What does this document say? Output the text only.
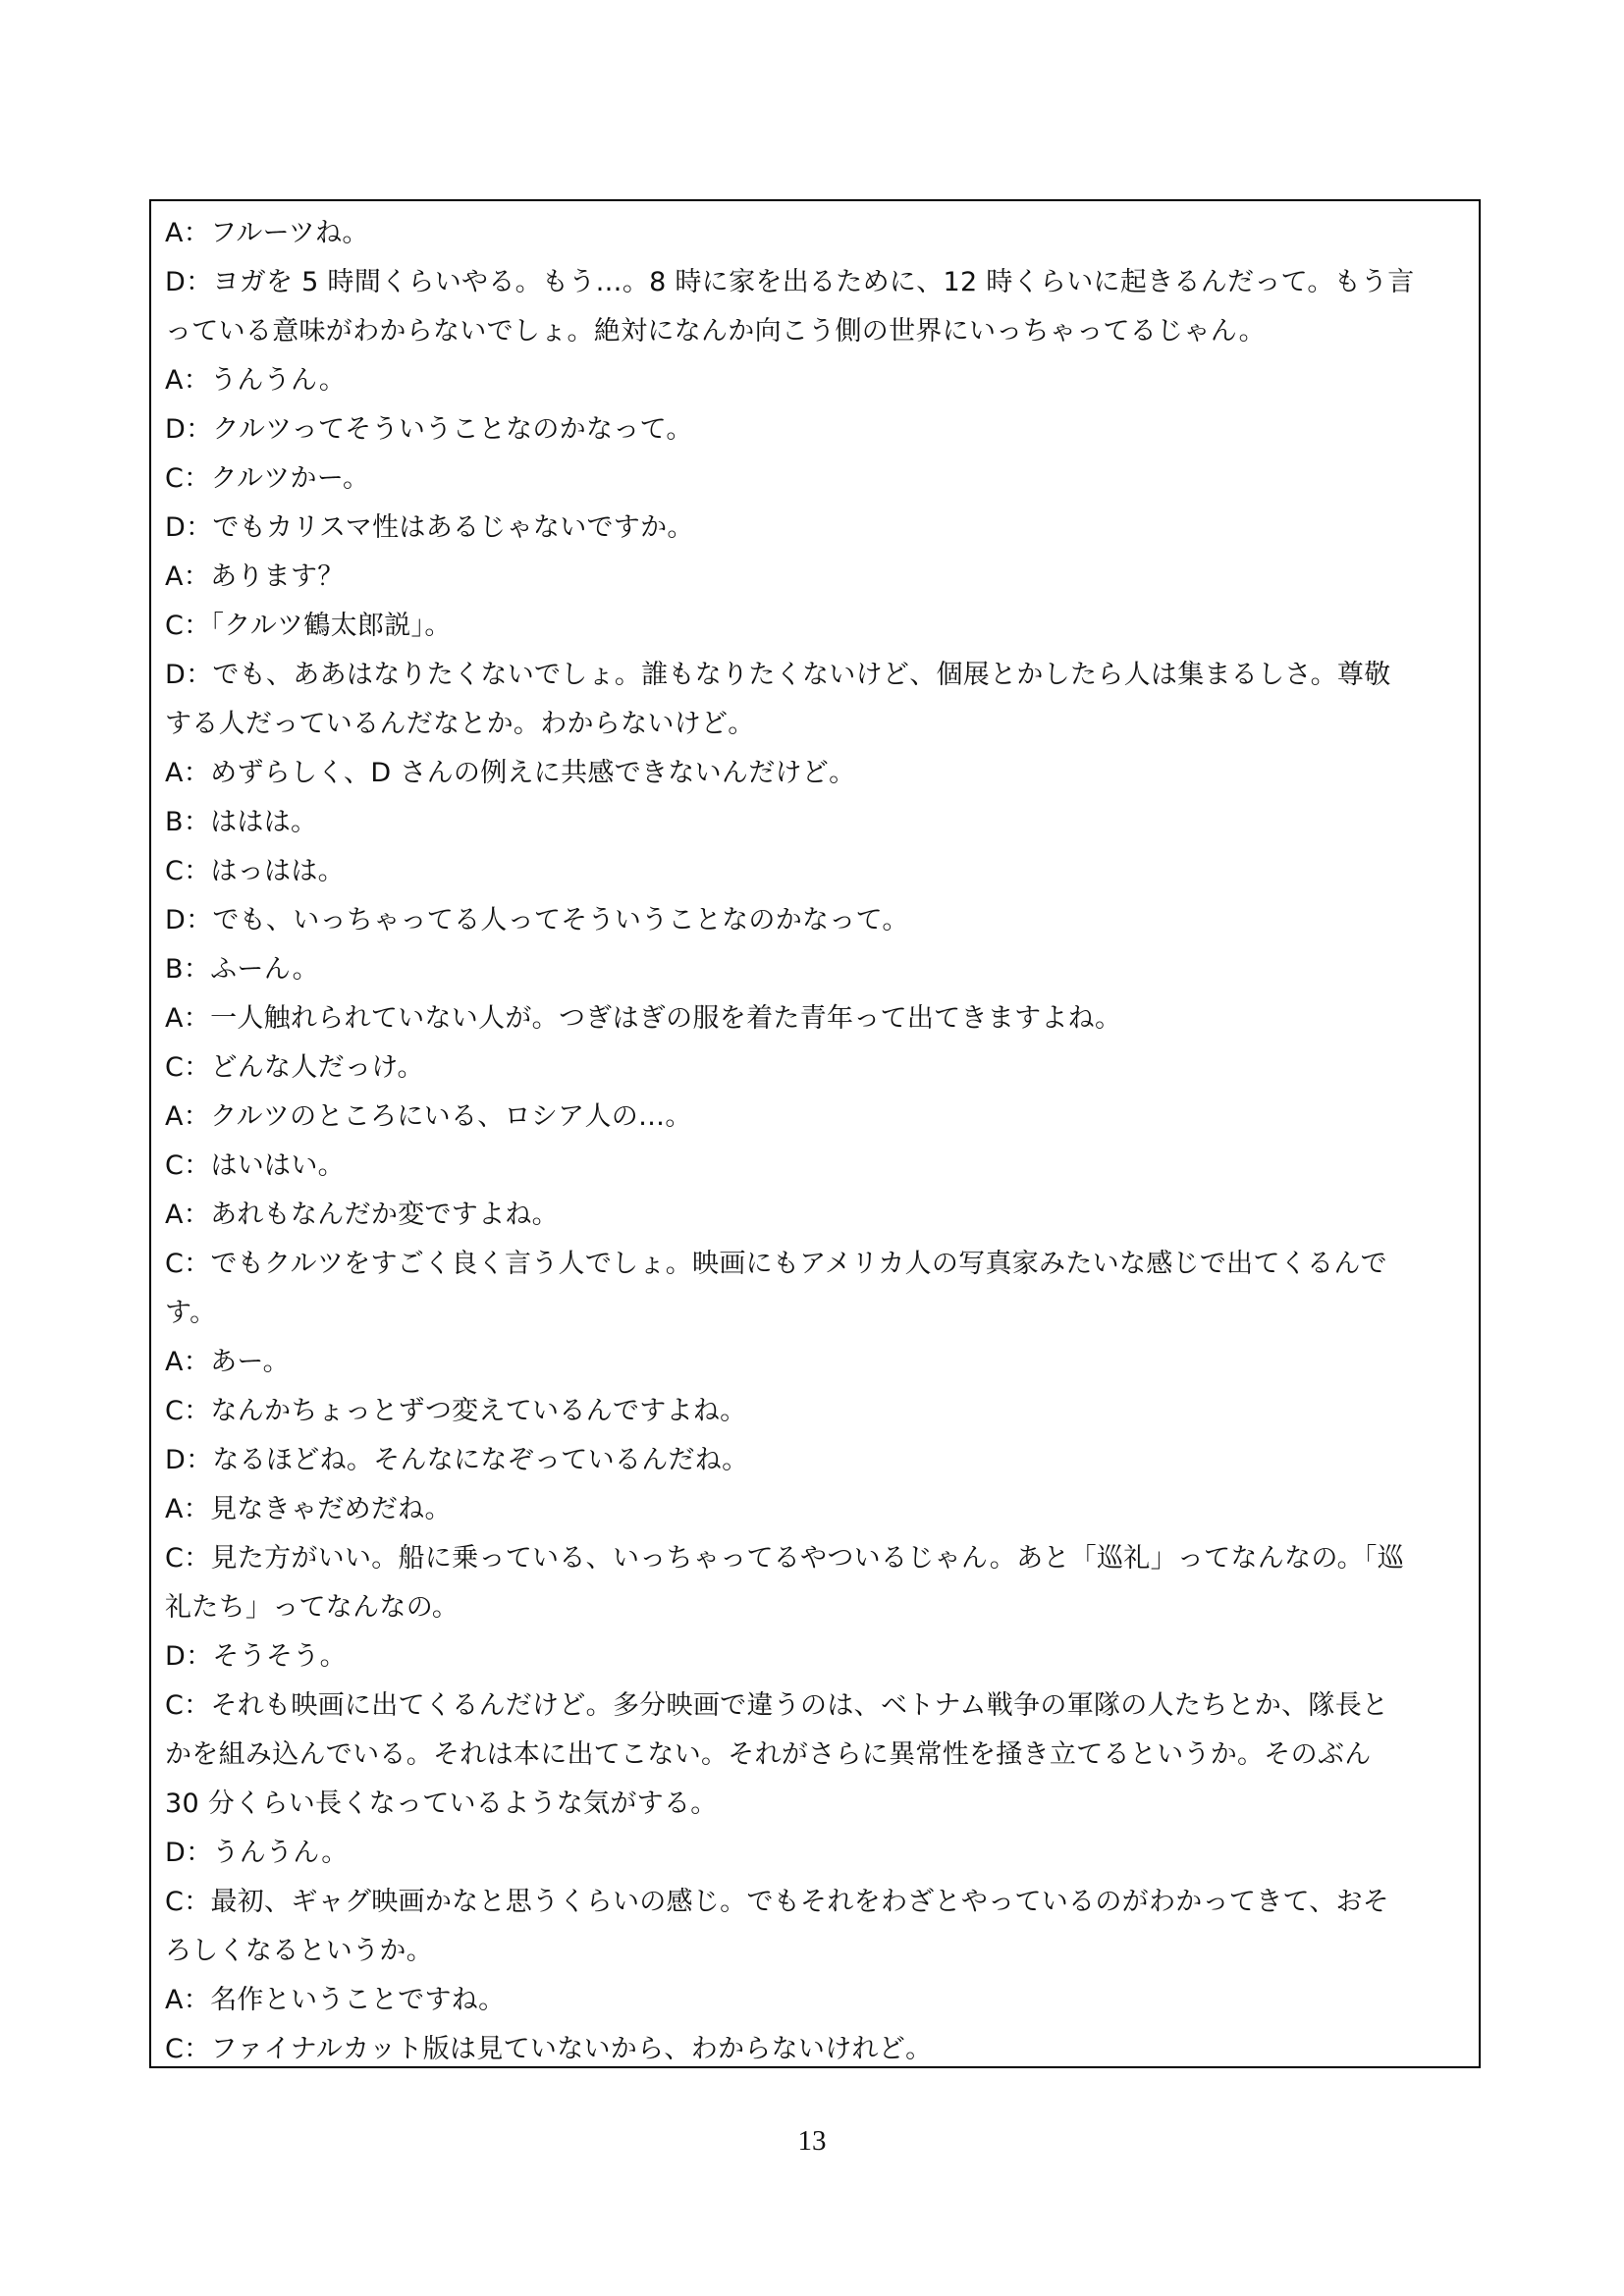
A：フルーツね。

D：ヨガを 5 時間くらいやる。もう…。8 時に家を出るために、12 時くらいに起きるんだって。もう言

っている意味がわからないでしょ。絶対になんか向こう側の世界にいっちゃってるじゃん。

A：うんうん。

D：クルツってそういうことなのかなって。

C：クルツかー。

D：でもカリスマ性はあるじゃないですか。

A：あります？

C：「クルツ鶴太郎説」。

D：でも、ああはなりたくないでしょ。誰もなりたくないけど、個展とかしたら人は集まるしさ。尊敬

する人だっているんだなとか。わからないけど。

A：めずらしく、D さんの例えに共感できないんだけど。

B：ははは。

C：はっはは。

D：でも、いっちゃってる人ってそういうことなのかなって。

B：ふーん。

A：一人触れられていない人が。つぎはぎの服を着た青年って出てきますよね。

C：どんな人だっけ。

A：クルツのところにいる、ロシア人の…。

C：はいはい。

A：あれもなんだか変ですよね。

C：でもクルツをすごく良く言う人でしょ。映画にもアメリカ人の写真家みたいな感じで出てくるんで

す。

A：あー。

C：なんかちょっとずつ変えているんですよね。

D：なるほどね。そんなになぞっているんだね。

A：見なきゃだめだね。

C：見た方がいい。船に乗っている、いっちゃってるやついるじゃん。あと「巡礼」ってなんなの。「巡

礼たち」ってなんなの。

D：そうそう。

C：それも映画に出てくるんだけど。多分映画で違うのは、ベトナム戦争の軍隊の人たちとか、隊長と

かを組み込んでいる。それは本に出てこない。それがさらに異常性を掻き立てるというか。そのぶん

30 分くらい長くなっているような気がする。

D：うんうん。

C：最初、ギャグ映画かなと思うくらいの感じ。でもそれをわざとやっているのがわかってきて、おそ

ろしくなるというか。

A：名作ということですね。

C：ファイナルカット版は見ていないから、わからないけれど。

13
